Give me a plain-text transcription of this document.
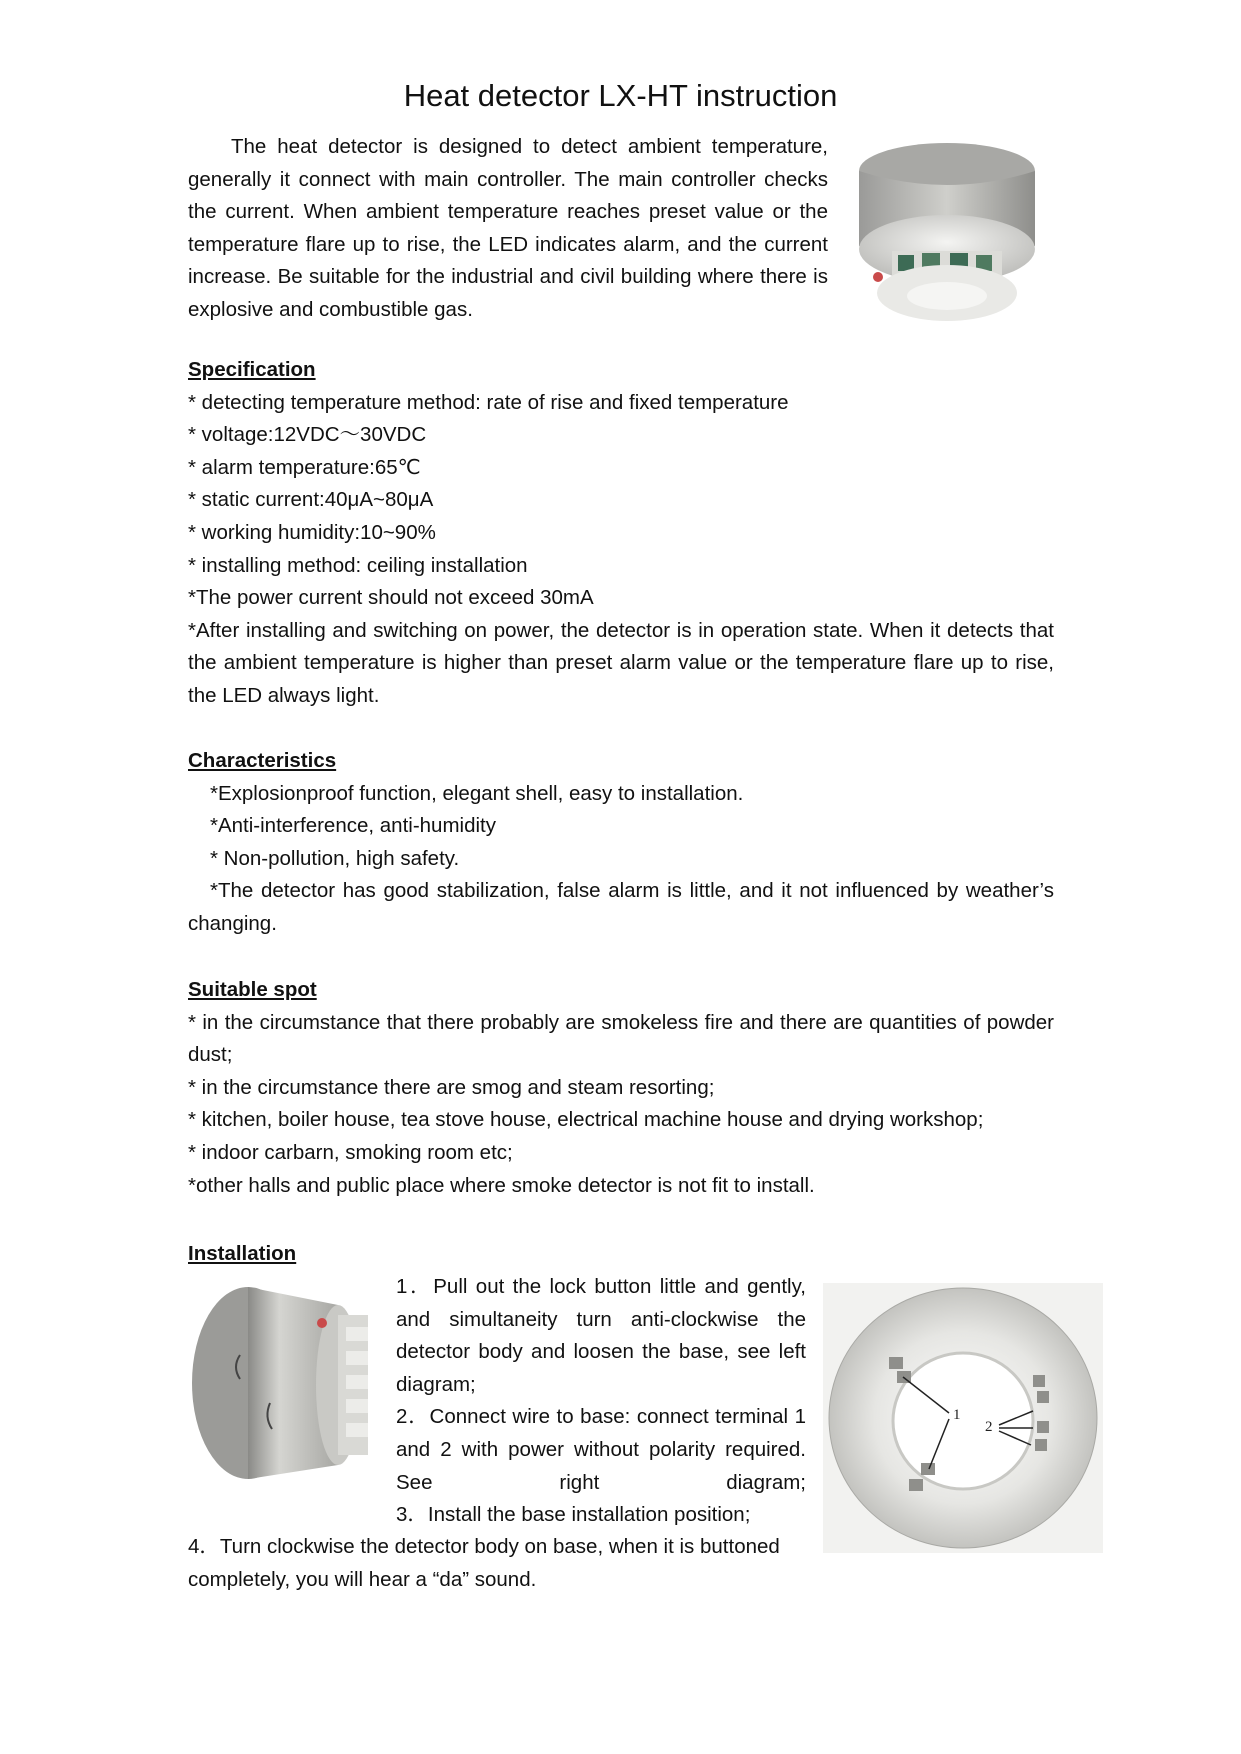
Heat detector LX-HT instruction

The heat detector is designed to detect ambient temperature, generally it connect with main controller. The main controller checks the current. When ambient temperature reaches preset value or the temperature flare up to rise, the LED indicates alarm, and the current increase. Be suitable for the industrial and civil building where there is explosive and combustible gas.

Specification

* detecting temperature method: rate of rise and fixed temperature

* voltage:12VDC～30VDC

* alarm temperature:65℃

* static current:40μA~80μA

* working humidity:10~90%

* installing method: ceiling installation

*The power current should not exceed 30mA

*After installing and switching on power, the detector is in operation state. When it detects that the ambient temperature is higher than preset alarm value or the temperature flare up to rise, the LED always light.

Characteristics

*Explosionproof function, elegant shell, easy to installation.

*Anti-interference, anti-humidity

* Non-pollution, high safety.

*The detector has good stabilization, false alarm is little, and it not influenced by weather’s changing.

Suitable spot

* in the circumstance that there probably are smokeless fire and there are quantities of powder dust;

* in the circumstance there are smog and steam resorting;

* kitchen, boiler house, tea stove house, electrical machine house and drying workshop;

* indoor carbarn, smoking room etc;

*other halls and public place where smoke detector is not fit to install.

Installation

1．Pull out the lock button little and gently, and simultaneity turn anti-clockwise the detector body and loosen the base, see left diagram;

2．Connect wire to base: connect terminal 1 and 2 with power without polarity required. See right diagram;

3．Install the base installation position;

1
2

4．Turn clockwise the detector body on base, when it is buttoned completely, you will hear a “da” sound.
